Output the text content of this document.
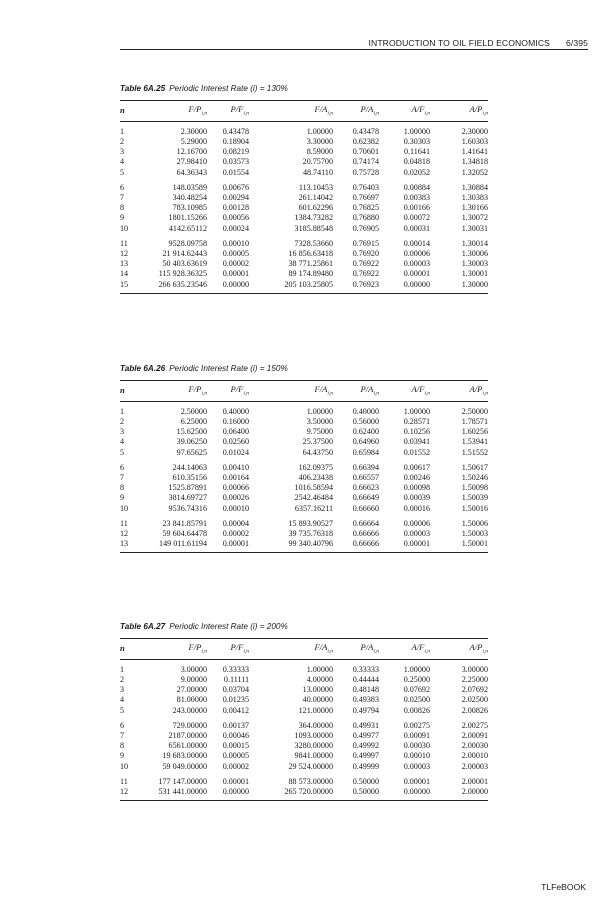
INTRODUCTION TO OIL FIELD ECONOMICS 6/395
Table 6A.25 Periodic Interest Rate (i) = 130%
n	$F/P_{i,n}$	$P/F_{i,n}$	$F/A_{i,n}$	$P/A_{i,n}$	$A/F_{i,n}$	$A/P_{i,n}$
1	2.30000	0.43478	1.00000	0.43478	1.00000	2.30000
2	5.29000	0.18904	3.30000	0.62382	0.30303	1.60303
3	12.16700	0.08219	8.59000	0.70601	0.11641	1.41641
4	27.98410	0.03573	20.75700	0.74174	0.04818	1.34818
5	64.36343	0.01554	48.74110	0.75728	0.02052	1.32052
6	148.03589	0.00676	113.10453	0.76403	0.00884	1.30884
7	340.48254	0.00294	261.14042	0.76697	0.00383	1.30383
8	783.10985	0.00128	601.62296	0.76825	0.00166	1.30166
9	1801.15266	0.00056	1384.73282	0.76880	0.00072	1.30072
10	4142.65112	0.00024	3185.88548	0.76905	0.00031	1.30031
11	9528.09758	0.00010	7328.53660	0.76915	0.00014	1.30014
12	21 914.62443	0.00005	16 856.63418	0.76920	0.00006	1.30006
13	50 403.63619	0.00002	38 771.25861	0.76922	0.00003	1.30003
14	115 928.36325	0.00001	89 174.89480	0.76922	0.00001	1.30001
15	266 635.23546	0.00000	205 103.25805	0.76923	0.00000	1.30000
Table 6A.26 Periodic Interest Rate (i) = 150%
n	$F/P_{i,n}$	$P/F_{i,n}$	$F/A_{i,n}$	$P/A_{i,n}$	$A/F_{i,n}$	$A/P_{i,n}$
1	2.50000	0.40000	1.00000	0.40000	1.00000	2.50000
2	6.25000	0.16000	3.50000	0.56000	0.28571	1.78571
3	15.62500	0.06400	9.75000	0.62400	0.10256	1.60256
4	39.06250	0.02560	25.37500	0.64960	0.03941	1.53941
5	97.65625	0.01024	64.43750	0.65984	0.01552	1.51552
6	244.14063	0.00410	162.09375	0.66394	0.00617	1.50617
7	610.35156	0.00164	406.23438	0.66557	0.00246	1.50246
8	1525.87891	0.00066	1016.58594	0.66623	0.00098	1.50098
9	3814.69727	0.00026	2542.46484	0.66649	0.00039	1.50039
10	9536.74316	0.00010	6357.16211	0.66660	0.00016	1.50016
11	23 841.85791	0.00004	15 893.90527	0.66664	0.00006	1.50006
12	59 604.64478	0.00002	39 735.76318	0.66666	0.00003	1.50003
13	149 011.61194	0.00001	99 340.40796	0.66666	0.00001	1.50001
Table 6A.27 Periodic Interest Rate (i) = 200%
n	$F/P_{i,n}$	$P/F_{i,n}$	$F/A_{i,n}$	$P/A_{i,n}$	$A/F_{i,n}$	$A/P_{i,n}$
1	3.00000	0.33333	1.00000	0.33333	1.00000	3.00000
2	9.00000	0.11111	4.00000	0.44444	0.25000	2.25000
3	27.00000	0.03704	13.00000	0.48148	0.07692	2.07692
4	81.00000	0.01235	40.00000	0.49383	0.02500	2.02500
5	243.00000	0.00412	121.00000	0.49794	0.00826	2.00826
6	729.00000	0.00137	364.00000	0.49931	0.00275	2.00275
7	2187.00000	0.00046	1093.00000	0.49977	0.00091	2.00091
8	6561.00000	0.00015	3280.00000	0.49992	0.00030	2.00030
9	19 683.00000	0.00005	9841.00000	0.49997	0.00010	2.00010
10	59 049.00000	0.00002	29 524.00000	0.49999	0.00003	2.00003
11	177 147.00000	0.00001	88 573.00000	0.50000	0.00001	2.00001
12	531 441.00000	0.00000	265 720.00000	0.50000	0.00000	2.00000
TLFeBOOK
